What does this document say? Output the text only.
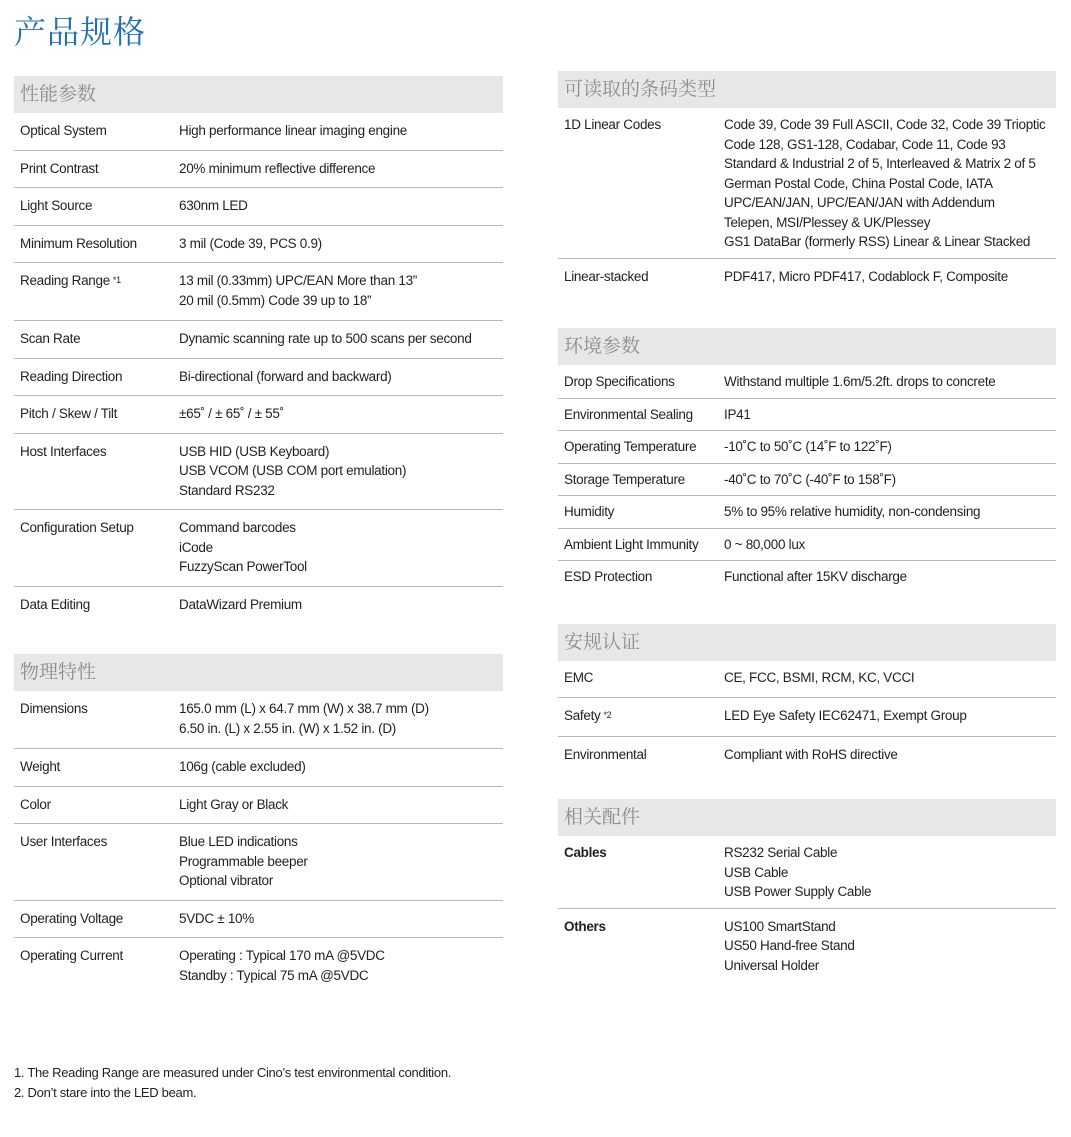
产品规格
性能参数
Optical System	High performance linear imaging engine
Print Contrast	20% minimum reflective difference
Light Source	630nm LED
Minimum Resolution	3 mil (Code 39, PCS 0.9)
Reading Range *1	13 mil (0.33mm) UPC/EAN More than 13”
20 mil (0.5mm) Code 39 up to 18”
Scan Rate	Dynamic scanning rate up to 500 scans per second
Reading Direction	Bi-directional (forward and backward)
Pitch / Skew / Tilt	±65˚ / ± 65˚ / ± 55˚
Host Interfaces	USB HID (USB Keyboard)
USB VCOM (USB COM port emulation)
Standard RS232
Configuration Setup	Command barcodes
iCode
FuzzyScan PowerTool
Data Editing	DataWizard Premium
物理特性
Dimensions	165.0 mm (L) x 64.7 mm (W) x 38.7 mm (D)
6.50 in. (L) x 2.55 in. (W) x 1.52 in. (D)
Weight	106g (cable excluded)
Color	Light Gray or Black
User Interfaces	Blue LED indications
Programmable beeper
Optional vibrator
Operating Voltage	5VDC ± 10%
Operating Current	Operating : Typical 170 mA @5VDC
Standby : Typical 75 mA @5VDC
可读取的条码类型
1D Linear Codes	Code 39, Code 39 Full ASCII, Code 32, Code 39 Trioptic
Code 128, GS1-128, Codabar, Code 11, Code 93
Standard & Industrial 2 of 5, Interleaved & Matrix 2 of 5
German Postal Code, China Postal Code, IATA
UPC/EAN/JAN, UPC/EAN/JAN with Addendum
Telepen, MSI/Plessey & UK/Plessey
GS1 DataBar (formerly RSS) Linear & Linear Stacked
Linear-stacked	PDF417, Micro PDF417, Codablock F, Composite
环境参数
Drop Specifications	Withstand multiple 1.6m/5.2ft. drops to concrete
Environmental Sealing	IP41
Operating Temperature	-10˚C to 50˚C (14˚F to 122˚F)
Storage Temperature	-40˚C to 70˚C (-40˚F to 158˚F)
Humidity	5% to 95% relative humidity, non-condensing
Ambient Light Immunity	0 ~ 80,000 lux
ESD Protection	Functional after 15KV discharge
安规认证
EMC	CE, FCC, BSMI, RCM, KC, VCCI
Safety *2	LED Eye Safety IEC62471, Exempt Group
Environmental	Compliant with RoHS directive
相关配件
Cables	RS232 Serial Cable
USB Cable
USB Power Supply Cable
Others	US100 SmartStand
US50 Hand-free Stand
Universal Holder
1. The Reading Range are measured under Cino’s test environmental condition.
2. Don’t stare into the LED beam.
